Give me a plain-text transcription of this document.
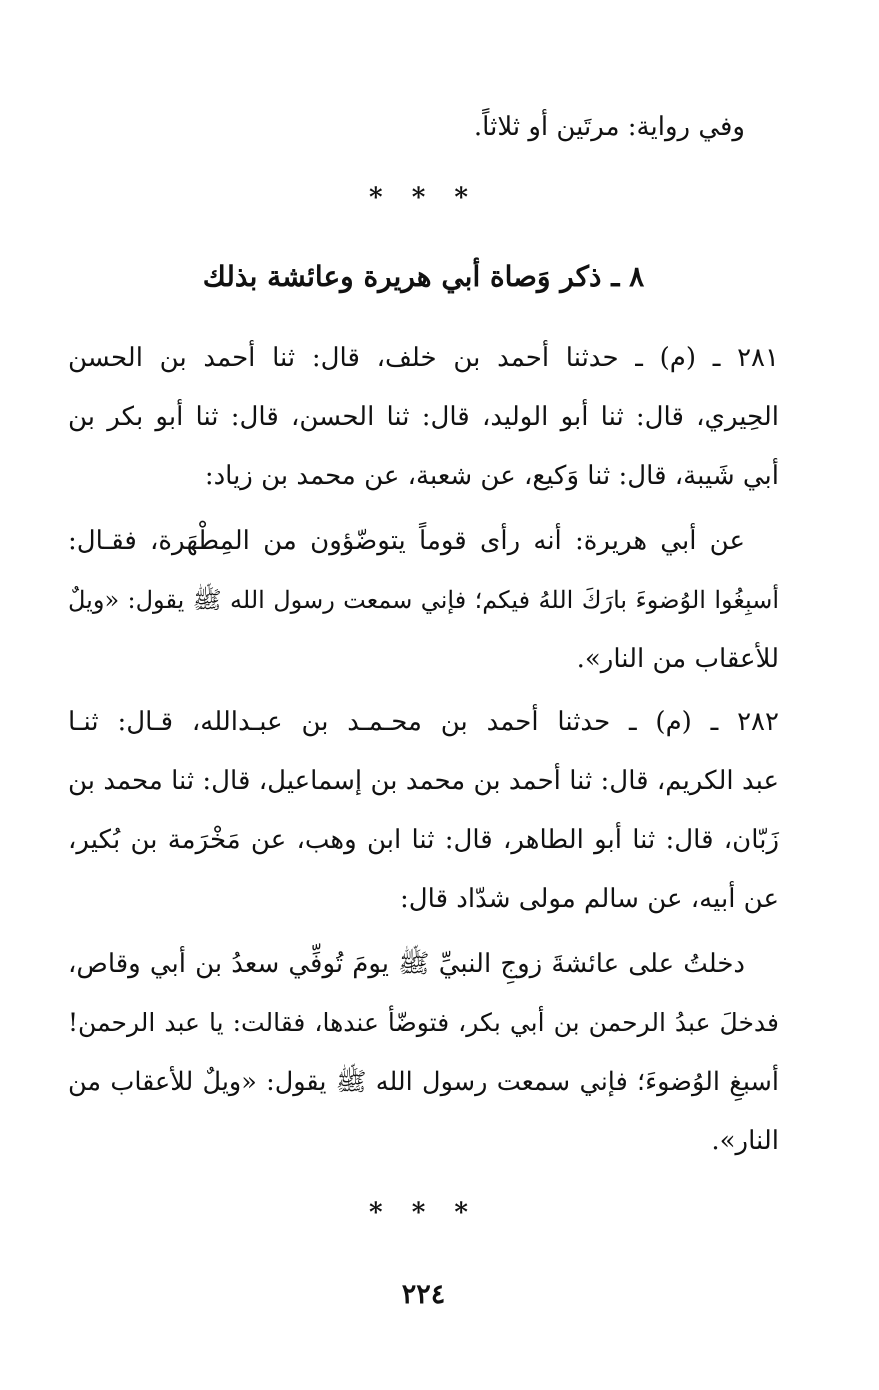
وفي رواية: مرتَين أو ثلاثاً.
* * *
٨ ـ ذكر وَصاة أبي هريرة وعائشة بذلك
٢٨١ ـ (م) ـ حدثنا أحمد بن خلف، قال: ثنا أحمد بن الحسن
الحِيري، قال: ثنا أبو الوليد، قال: ثنا الحسن، قال: ثنا أبو بكر بن
أبي شَيبة، قال: ثنا وَكيع، عن شعبة، عن محمد بن زياد:
عن أبي هريرة: أنه رأى قوماً يتوضّؤون من المِطْهَرة، فقـال:
أسبِغُوا الوُضوءَ بارَكَ اللهُ فيكم؛ فإني سمعت رسول الله ﷺ يقول: «ويلٌ
للأعقاب من النار».
٢٨٢ ـ (م) ـ حدثنا أحمد بن محـمـد بن عبـدالله، قـال: ثنـا
عبد الكريم، قال: ثنا أحمد بن محمد بن إسماعيل، قال: ثنا محمد بن
زَبّان، قال: ثنا أبو الطاهر، قال: ثنا ابن وهب، عن مَخْرَمة بن بُكير،
عن أبيه، عن سالم مولى شدّاد قال:
دخلتُ على عائشةَ زوجِ النبيِّ ﷺ يومَ تُوفِّي سعدُ بن أبي وقاص،
فدخلَ عبدُ الرحمن بن أبي بكر، فتوضّأ عندها، فقالت: يا عبد الرحمن!
أسبغِ الوُضوءَ؛ فإني سمعت رسول الله ﷺ يقول: «ويلٌ للأعقاب من
النار».
* * *
٢٢٤
